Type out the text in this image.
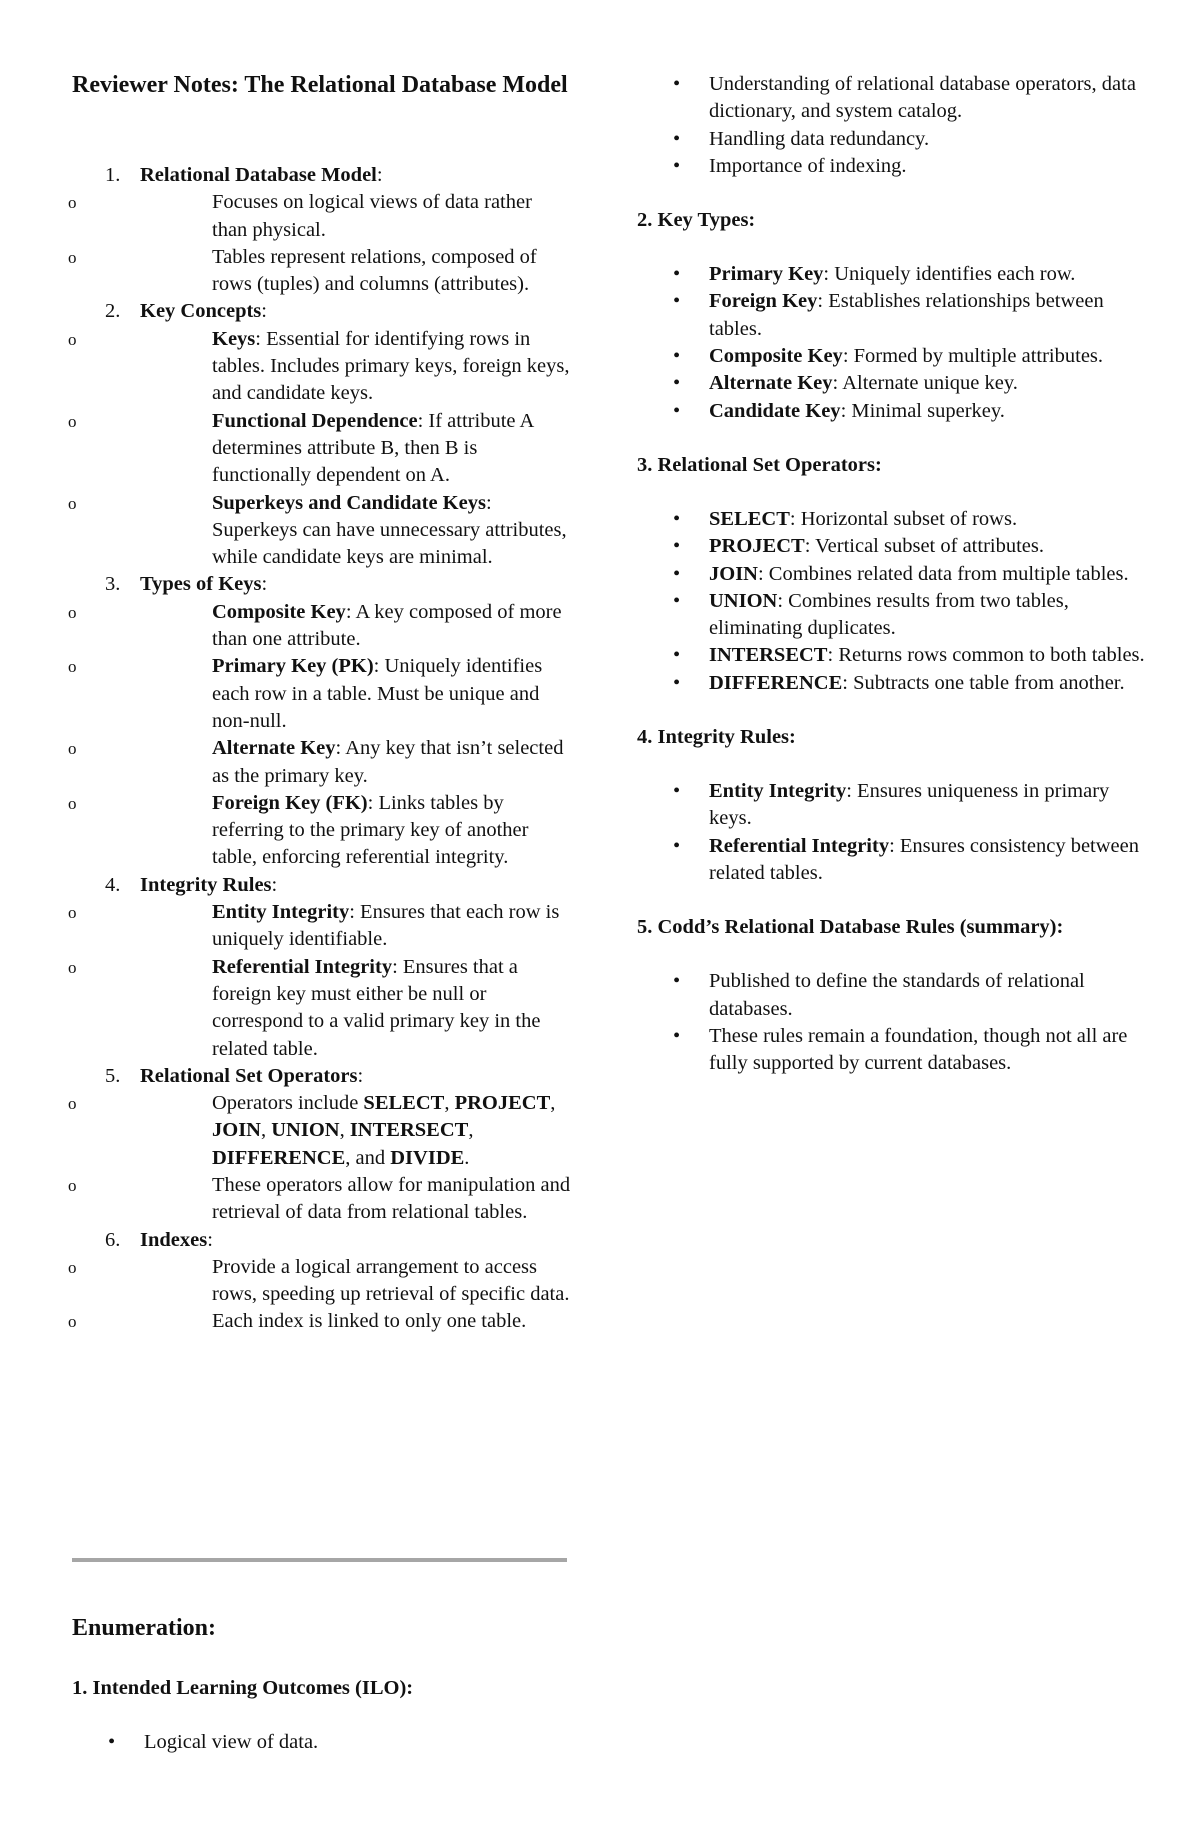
Reviewer Notes: The Relational Database Model
1. Relational Database Model:
o	Focuses on logical views of data rather than physical.
o	Tables represent relations, composed of rows (tuples) and columns (attributes).
2. Key Concepts:
o	Keys: Essential for identifying rows in tables. Includes primary keys, foreign keys, and candidate keys.
o	Functional Dependence: If attribute A determines attribute B, then B is functionally dependent on A.
o	Superkeys and Candidate Keys: Superkeys can have unnecessary attributes, while candidate keys are minimal.
3. Types of Keys:
o	Composite Key: A key composed of more than one attribute.
o	Primary Key (PK): Uniquely identifies each row in a table. Must be unique and non-null.
o	Alternate Key: Any key that isn’t selected as the primary key.
o	Foreign Key (FK): Links tables by referring to the primary key of another table, enforcing referential integrity.
4. Integrity Rules:
o	Entity Integrity: Ensures that each row is uniquely identifiable.
o	Referential Integrity: Ensures that a foreign key must either be null or correspond to a valid primary key in the related table.
5. Relational Set Operators:
o	Operators include SELECT, PROJECT, JOIN, UNION, INTERSECT, DIFFERENCE, and DIVIDE.
o	These operators allow for manipulation and retrieval of data from relational tables.
6. Indexes:
o	Provide a logical arrangement to access rows, speeding up retrieval of specific data.
o	Each index is linked to only one table.
Enumeration:

1. Intended Learning Outcomes (ILO):

• Logical view of data.
• Understanding of relational database operators, data dictionary, and system catalog.
• Handling data redundancy.
• Importance of indexing.

2. Key Types:

• Primary Key: Uniquely identifies each row.
• Foreign Key: Establishes relationships between tables.
• Composite Key: Formed by multiple attributes.
• Alternate Key: Alternate unique key.
• Candidate Key: Minimal superkey.

3. Relational Set Operators:

• SELECT: Horizontal subset of rows.
• PROJECT: Vertical subset of attributes.
• JOIN: Combines related data from multiple tables.
• UNION: Combines results from two tables, eliminating duplicates.
• INTERSECT: Returns rows common to both tables.
• DIFFERENCE: Subtracts one table from another.

4. Integrity Rules:

• Entity Integrity: Ensures uniqueness in primary keys.
• Referential Integrity: Ensures consistency between related tables.

5. Codd’s Relational Database Rules (summary):

• Published to define the standards of relational databases.
• These rules remain a foundation, though not all are fully supported by current databases.
